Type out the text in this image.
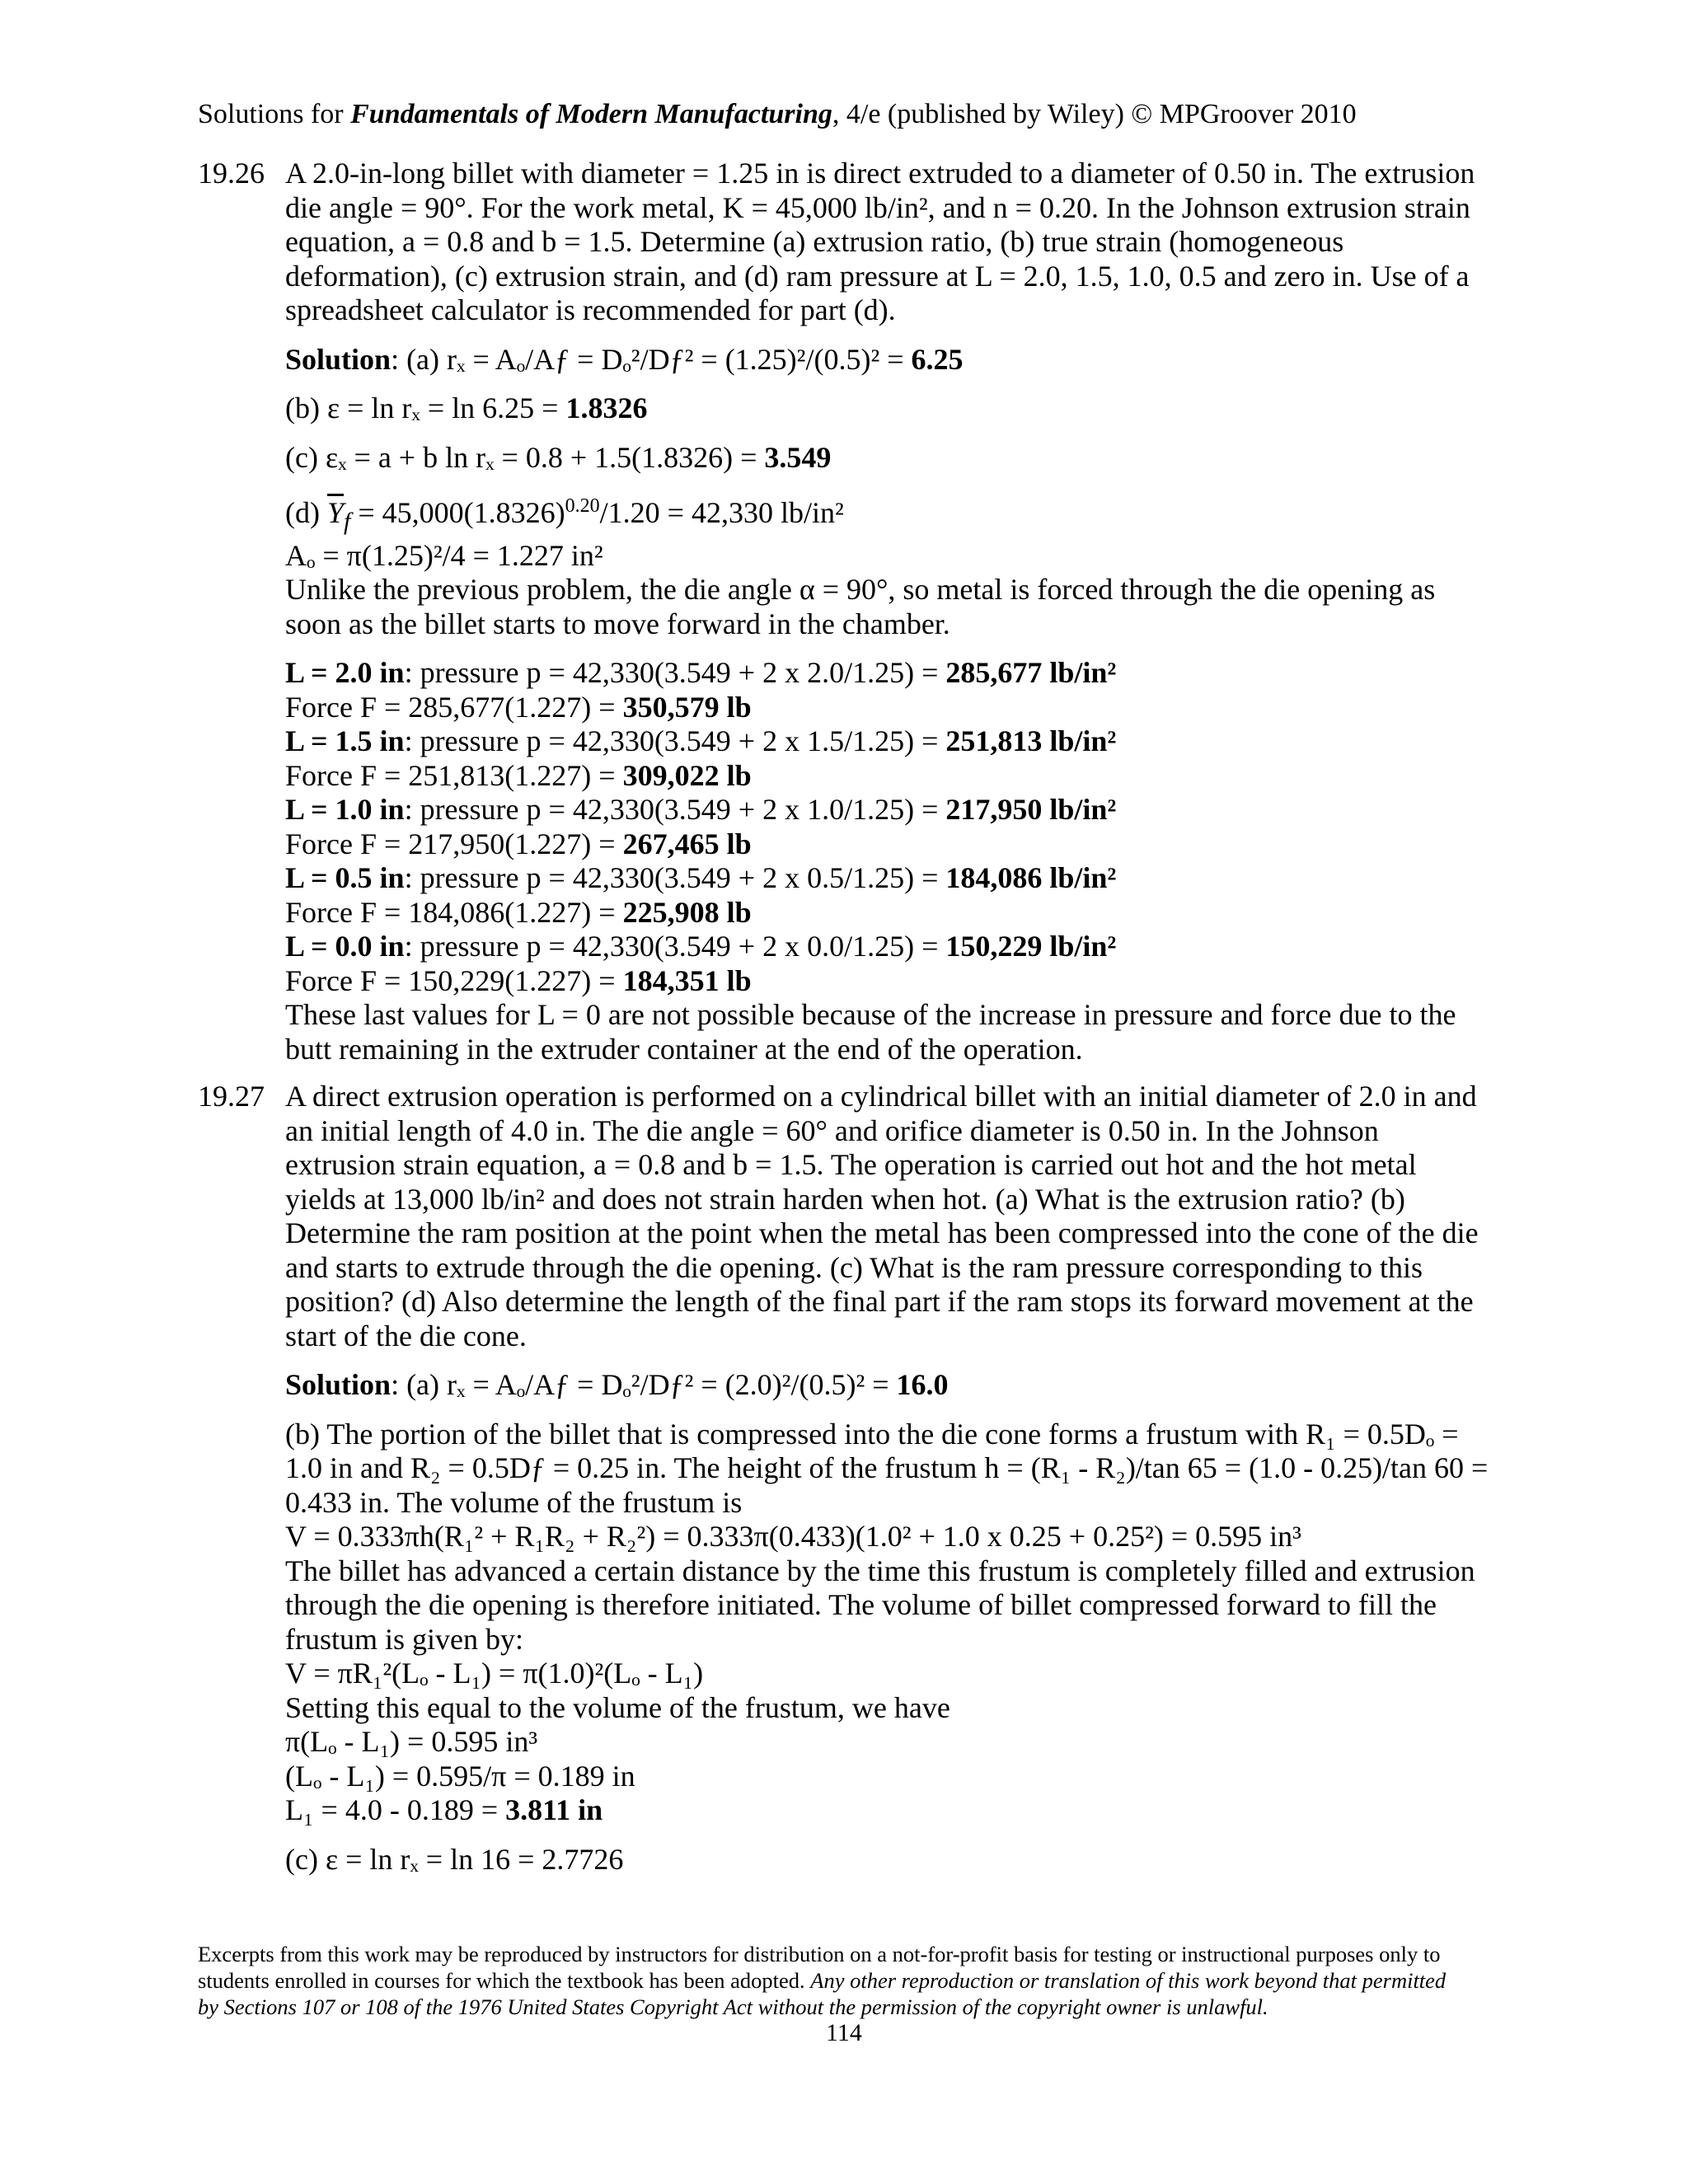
Solutions for Fundamentals of Modern Manufacturing, 4/e (published by Wiley) © MPGroover 2010
19.26 A 2.0-in-long billet with diameter = 1.25 in is direct extruded to a diameter of 0.50 in. The extrusion
die angle = 90°. For the work metal, K = 45,000 lb/in², and n = 0.20. In the Johnson extrusion strain
equation, a = 0.8 and b = 1.5. Determine (a) extrusion ratio, (b) true strain (homogeneous
deformation), (c) extrusion strain, and (d) ram pressure at L = 2.0, 1.5, 1.0, 0.5 and zero in. Use of a
spreadsheet calculator is recommended for part (d).
Solution: (a) rₓ = Aₒ/Aƒ = Dₒ²/Dƒ² = (1.25)²/(0.5)² = 6.25
(b) ε = ln rₓ = ln 6.25 = 1.8326
(c) εₓ = a + b ln rₓ = 0.8 + 1.5(1.8326) = 3.549
(d) $\overline{Y}_f = 45,000(1.8326)^{0.20}/1.20 = 42,330$ lb/in²
Aₒ = π(1.25)²/4 = 1.227 in²
Unlike the previous problem, the die angle α = 90°, so metal is forced through the die opening as
soon as the billet starts to move forward in the chamber.
L = 2.0 in: pressure p = 42,330(3.549 + 2 x 2.0/1.25) = 285,677 lb/in²
Force F = 285,677(1.227) = 350,579 lb
L = 1.5 in: pressure p = 42,330(3.549 + 2 x 1.5/1.25) = 251,813 lb/in²
Force F = 251,813(1.227) = 309,022 lb
L = 1.0 in: pressure p = 42,330(3.549 + 2 x 1.0/1.25) = 217,950 lb/in²
Force F = 217,950(1.227) = 267,465 lb
L = 0.5 in: pressure p = 42,330(3.549 + 2 x 0.5/1.25) = 184,086 lb/in²
Force F = 184,086(1.227) = 225,908 lb
L = 0.0 in: pressure p = 42,330(3.549 + 2 x 0.0/1.25) = 150,229 lb/in²
Force F = 150,229(1.227) = 184,351 lb
These last values for L = 0 are not possible because of the increase in pressure and force due to the
butt remaining in the extruder container at the end of the operation.
19.27 A direct extrusion operation is performed on a cylindrical billet with an initial diameter of 2.0 in and
an initial length of 4.0 in. The die angle = 60° and orifice diameter is 0.50 in. In the Johnson
extrusion strain equation, a = 0.8 and b = 1.5. The operation is carried out hot and the hot metal
yields at 13,000 lb/in² and does not strain harden when hot. (a) What is the extrusion ratio? (b)
Determine the ram position at the point when the metal has been compressed into the cone of the die
and starts to extrude through the die opening. (c) What is the ram pressure corresponding to this
position? (d) Also determine the length of the final part if the ram stops its forward movement at the
start of the die cone.
Solution: (a) rₓ = Aₒ/Aƒ = Dₒ²/Dƒ² = (2.0)²/(0.5)² = 16.0
(b) The portion of the billet that is compressed into the die cone forms a frustum with R₁ = 0.5Dₒ =
1.0 in and R₂ = 0.5Dƒ = 0.25 in. The height of the frustum h = (R₁ - R₂)/tan 65 = (1.0 - 0.25)/tan 60 =
0.433 in. The volume of the frustum is
V = 0.333πh(R₁² + R₁R₂ + R₂²) = 0.333π(0.433)(1.0² + 1.0 x 0.25 + 0.25²) = 0.595 in³
The billet has advanced a certain distance by the time this frustum is completely filled and extrusion
through the die opening is therefore initiated. The volume of billet compressed forward to fill the
frustum is given by:
V = πR₁²(Lₒ - L₁) = π(1.0)²(Lₒ - L₁)
Setting this equal to the volume of the frustum, we have
π(Lₒ - L₁) = 0.595 in³
(Lₒ - L₁) = 0.595/π = 0.189 in
L₁ = 4.0 - 0.189 = 3.811 in
(c) ε = ln rₓ = ln 16 = 2.7726
Excerpts from this work may be reproduced by instructors for distribution on a not-for-profit basis for testing or instructional purposes only to
students enrolled in courses for which the textbook has been adopted. Any other reproduction or translation of this work beyond that permitted
by Sections 107 or 108 of the 1976 United States Copyright Act without the permission of the copyright owner is unlawful.
114
